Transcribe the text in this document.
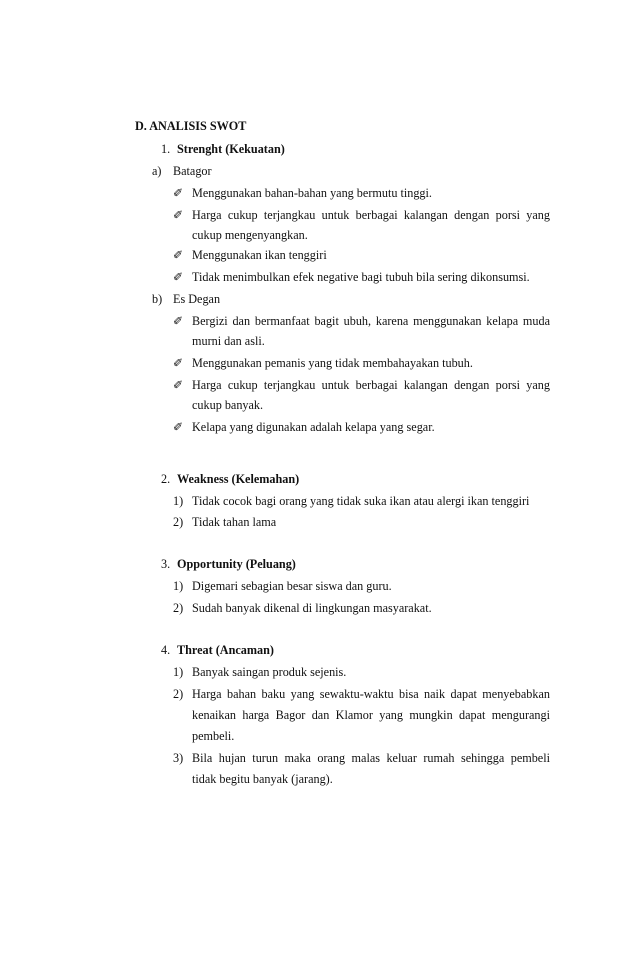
D. ANALISIS SWOT
1. Strenght (Kekuatan)
a) Batagor
✐ Menggunakan bahan-bahan yang bermutu tinggi.
✐ Harga cukup terjangkau untuk berbagai kalangan dengan porsi yang
cukup mengenyangkan.
✐ Menggunakan ikan tenggiri
✐ Tidak menimbulkan efek negative bagi tubuh bila sering dikonsumsi.
b) Es Degan
✐ Bergizi dan bermanfaat bagit ubuh, karena menggunakan kelapa muda
murni dan asli.
✐ Menggunakan pemanis yang tidak membahayakan tubuh.
✐ Harga cukup terjangkau untuk berbagai kalangan dengan porsi yang
cukup banyak.
✐ Kelapa yang digunakan adalah kelapa yang segar.
2. Weakness (Kelemahan)
1) Tidak cocok bagi orang yang tidak suka ikan atau alergi ikan tenggiri
2) Tidak tahan lama
3. Opportunity (Peluang)
1) Digemari sebagian besar siswa dan guru.
2) Sudah banyak dikenal di lingkungan masyarakat.
4. Threat (Ancaman)
1) Banyak saingan produk sejenis.
2) Harga bahan baku yang sewaktu-waktu bisa naik dapat menyebabkan
kenaikan harga Bagor dan Klamor yang mungkin dapat mengurangi
pembeli.
3) Bila hujan turun maka orang malas keluar rumah sehingga pembeli
tidak begitu banyak (jarang).
